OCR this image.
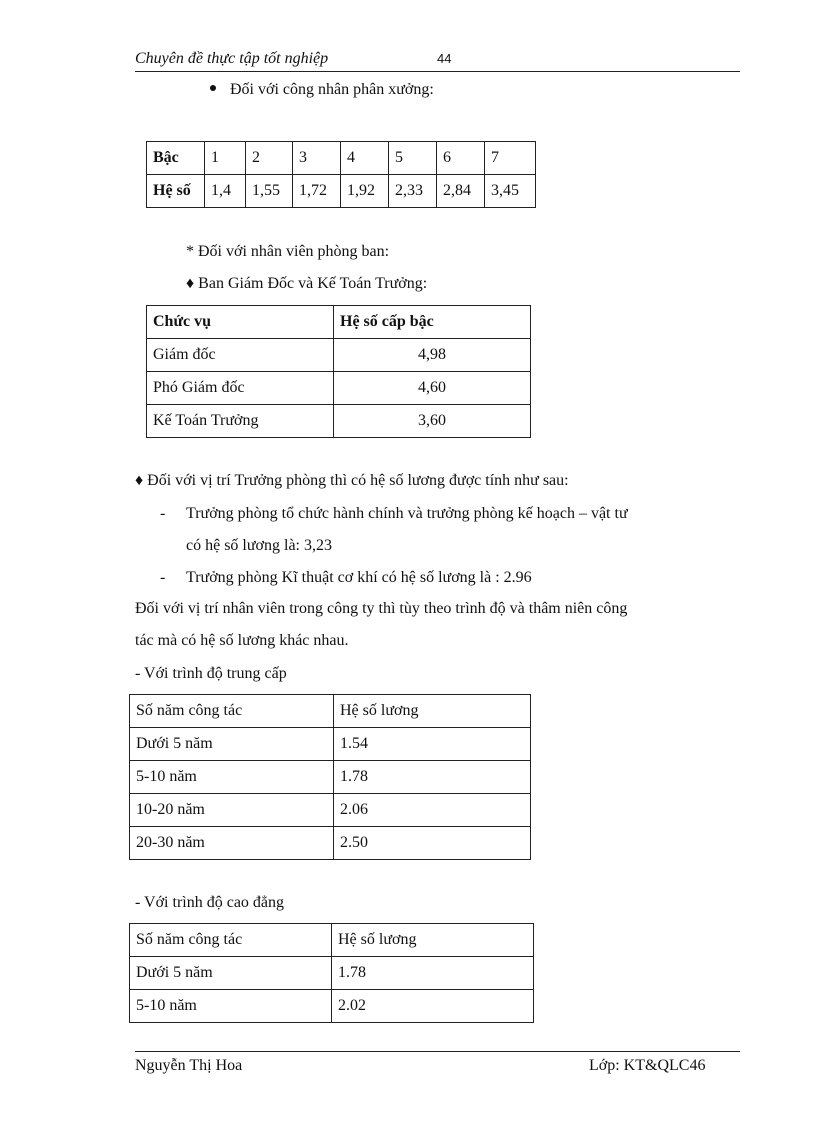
Chuyên đề thực tập tốt nghiệp	44
Đối với công nhân phân xưởng:
Bậc	1	2	3	4	5	6	7
Hệ số	1,4	1,55	1,72	1,92	2,33	2,84	3,45
* Đối với nhân viên phòng ban:
♦ Ban Giám Đốc và Kế Toán Trưởng:
Chức vụ	Hệ số cấp bậc
Giám đốc	4,98
Phó Giám đốc	4,60
Kế Toán Trưởng	3,60
♦ Đối với vị trí Trưởng phòng thì có hệ số lương được tính như sau:
- Trưởng phòng tổ chức hành chính và trưởng phòng kế hoạch – vật tư
có hệ số lương là: 3,23
- Trưởng phòng Kĩ thuật cơ khí có hệ số lương là : 2.96
Đối với vị trí nhân viên trong công ty thì tùy theo trình độ và thâm niên công
tác mà có hệ số lương khác nhau.
- Với trình độ trung cấp
Số năm công tác	Hệ số lương
Dưới 5 năm	1.54
5-10 năm	1.78
10-20 năm	2.06
20-30 năm	2.50
- Với trình độ cao đẳng
Số năm công tác	Hệ số lương
Dưới 5 năm	1.78
5-10 năm	2.02
Nguyễn Thị Hoa	Lớp: KT&QLC46
